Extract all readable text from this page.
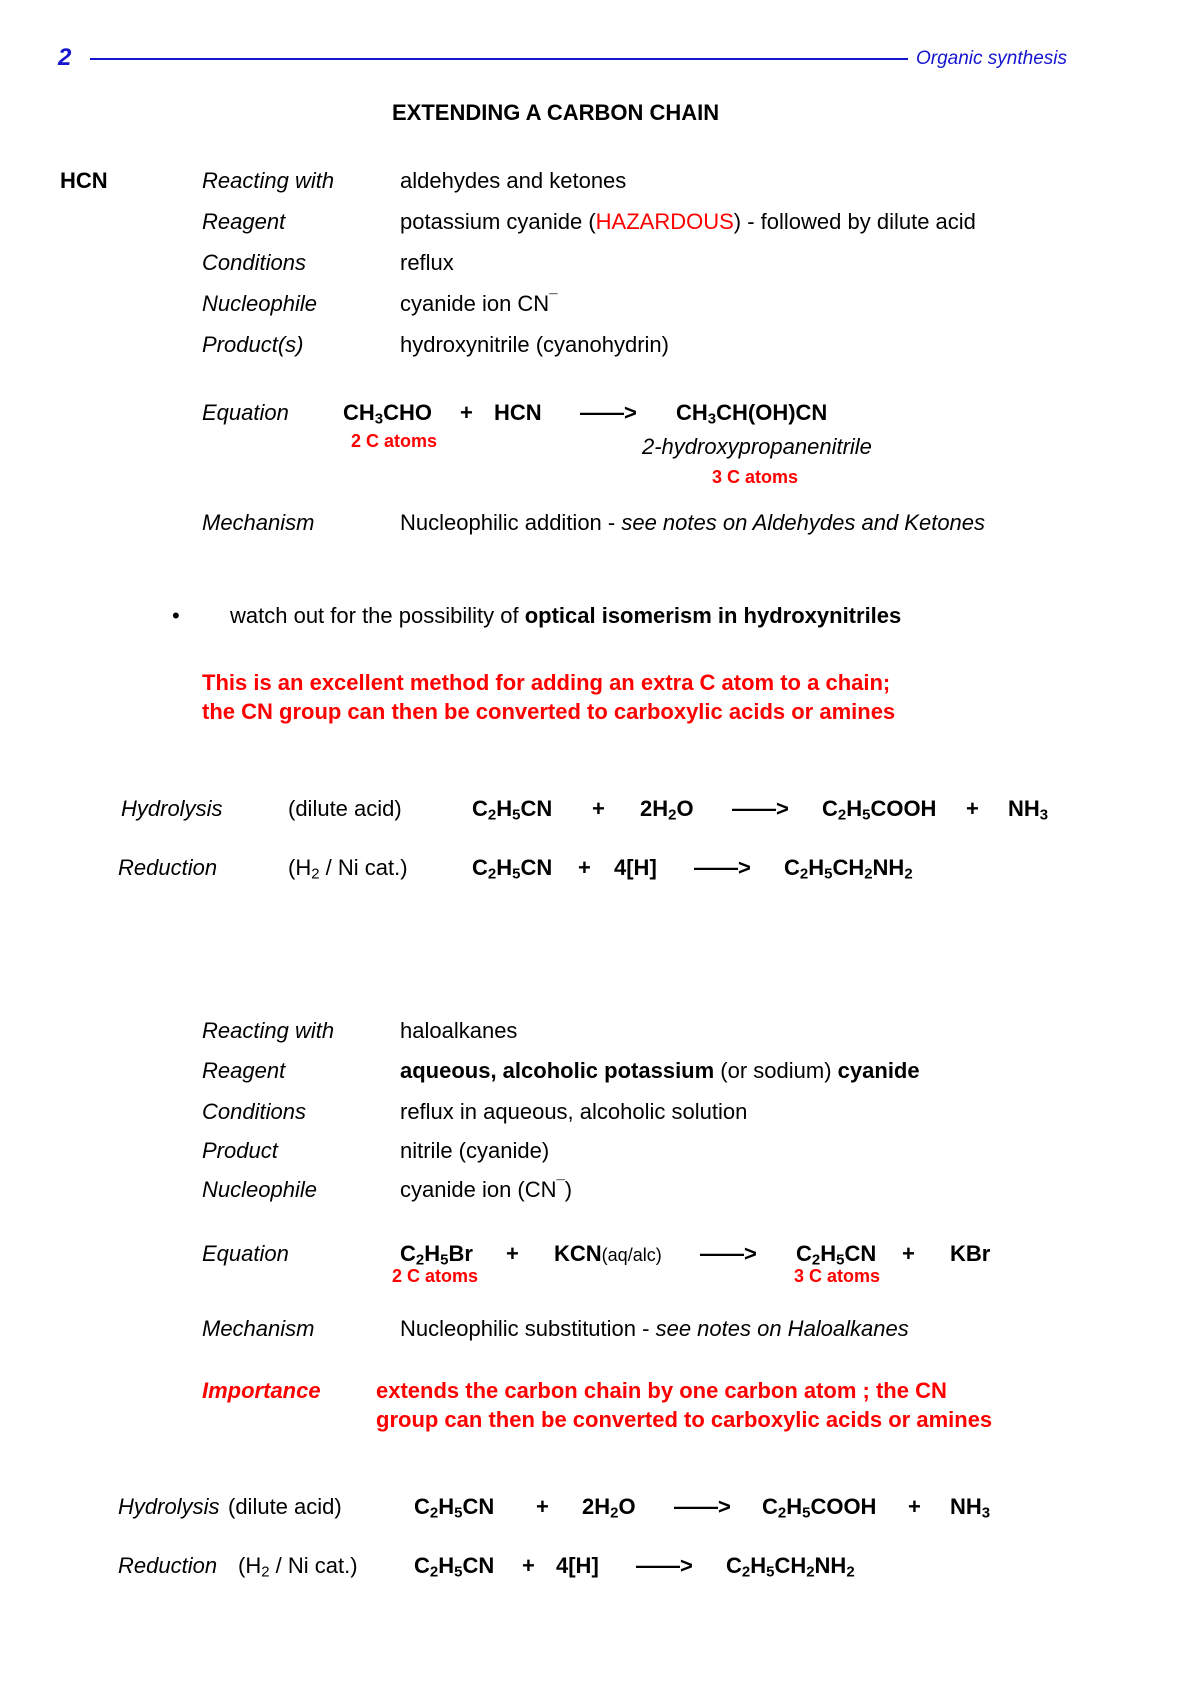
2	Organic synthesis
EXTENDING A CARBON CHAIN
HCN	Reacting with	aldehydes and ketones
Reagent	potassium cyanide (HAZARDOUS) - followed by dilute acid
Conditions	reflux
Nucleophile	cyanide ion CN¯
Product(s)	hydroxynitrile (cyanohydrin)
Equation $CH_3CHO$ + HCN ——> $CH_3CH(OH)CN$
2 C atoms	2-hydroxypropanenitrile
3 C atoms
Mechanism	Nucleophilic addition - see notes on Aldehydes and Ketones
• watch out for the possibility of optical isomerism in hydroxynitriles
This is an excellent method for adding an extra C atom to a chain;
the CN group can then be converted to carboxylic acids or amines
Hydrolysis	(dilute acid)	$C_2H_5CN + 2H_2O$ ——> $C_2H_5COOH + NH_3$
Reduction	($H_2$ / Ni cat.)	$C_2H_5CN + 4[H]$ ——> $C_2H_5CH_2NH_2$
Reacting with	haloalkanes
Reagent	aqueous, alcoholic potassium (or sodium) cyanide
Conditions	reflux in aqueous, alcoholic solution
Product	nitrile (cyanide)
Nucleophile	cyanide ion (CN¯)
Equation	$C_2H_5Br + KCN(aq/alc)$ ——> $C_2H_5CN$ + KBr
2 C atoms	3 C atoms
Mechanism	Nucleophilic substitution - see notes on Haloalkanes
Importance	extends the carbon chain by one carbon atom ; the CN
group can then be converted to carboxylic acids or amines
Hydrolysis (dilute acid)	$C_2H_5CN + 2H_2O$ ——> $C_2H_5COOH + NH_3$
Reduction ($H_2$ / Ni cat.)	$C_2H_5CN + 4[H]$ ——> $C_2H_5CH_2NH_2$
